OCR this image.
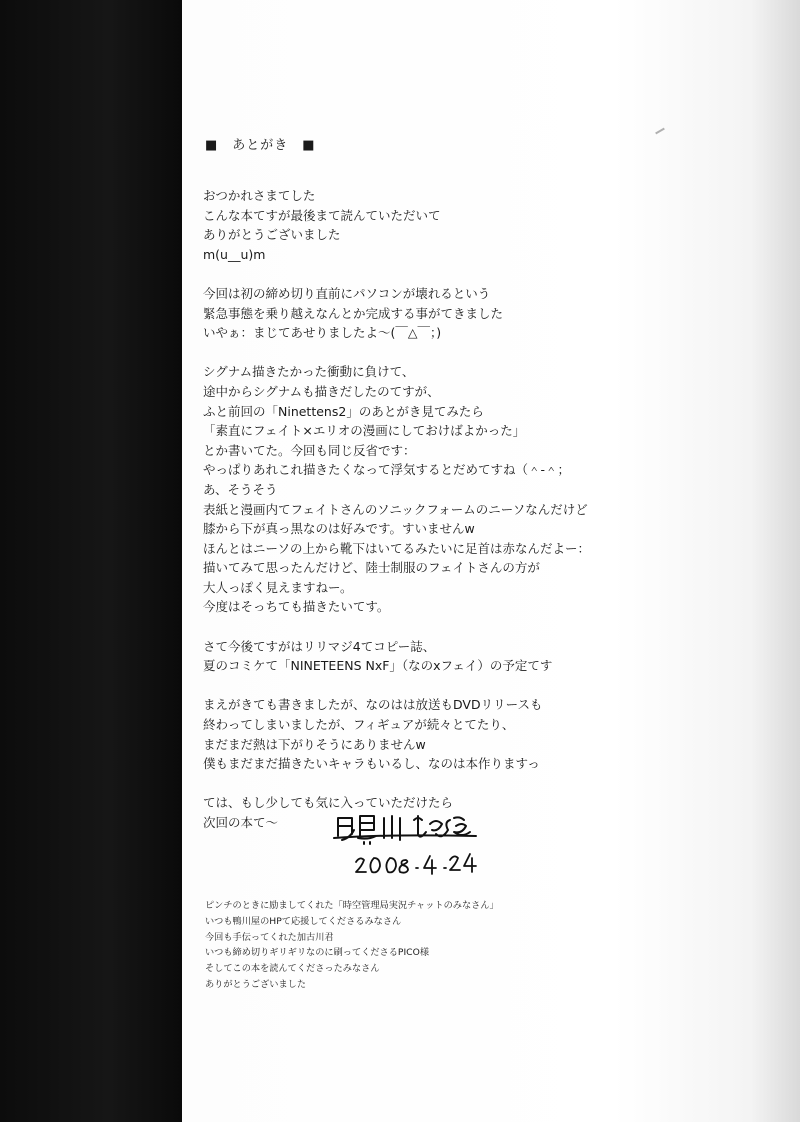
■　あとがき　■
おつかれさまてした
こんな本てすが最後まて読んていただいて
ありがとうございました
m(u__u)m
今回は初の締め切り直前にパソコンが壊れるという
緊急事態を乗り越えなんとか完成する事がてきました
いやぁ：まじてあせりましたよ～(￣△￣；)
シグナム描きたかった衝動に負けて、
途中からシグナムも描きだしたのてすが、
ふと前回の「Ninettens2」のあとがき見てみたら
「素直にフェイト×エリオの漫画にしておけばよかった」
とか書いてた。今回も同じ反省です：
やっぱりあれこれ描きたくなって浮気するとだめてすね（＾-＾；
あ、そうそう
表紙と漫画内てフェイトさんのソニックフォームのニーソなんだけど
膝から下が真っ黒なのは好みです。すいませんw
ほんとはニーソの上から靴下はいてるみたいに足首は赤なんだよー：
描いてみて思ったんだけど、陸士制服のフェイトさんの方が
大人っぽく見えますねー。
今度はそっちても描きたいてす。
さて今後てすがはリリマジ4てコピー誌、
夏のコミケて「NINETEENS NxF」（なのxフェイ）の予定てす
まえがきても書きましたが、なのはは放送もDVDリリースも
終わってしまいましたが、フィギュアが続々とてたり、
まだまだ熱は下がりそうにありませんw
僕もまだまだ描きたいキャラもいるし、なのは本作りますっ
ては、もし少しても気に入っていただけたら
次回の本て～
ピンチのときに励ましてくれた「時空管理局実況チャットのみなさん」
いつも鴨川屋のHPて応援してくださるみなさん
今回も手伝ってくれた加古川君
いつも締め切りギリギリなのに刷ってくださるPICO様
そしてこの本を読んてくださったみなさん
ありがとうございました
